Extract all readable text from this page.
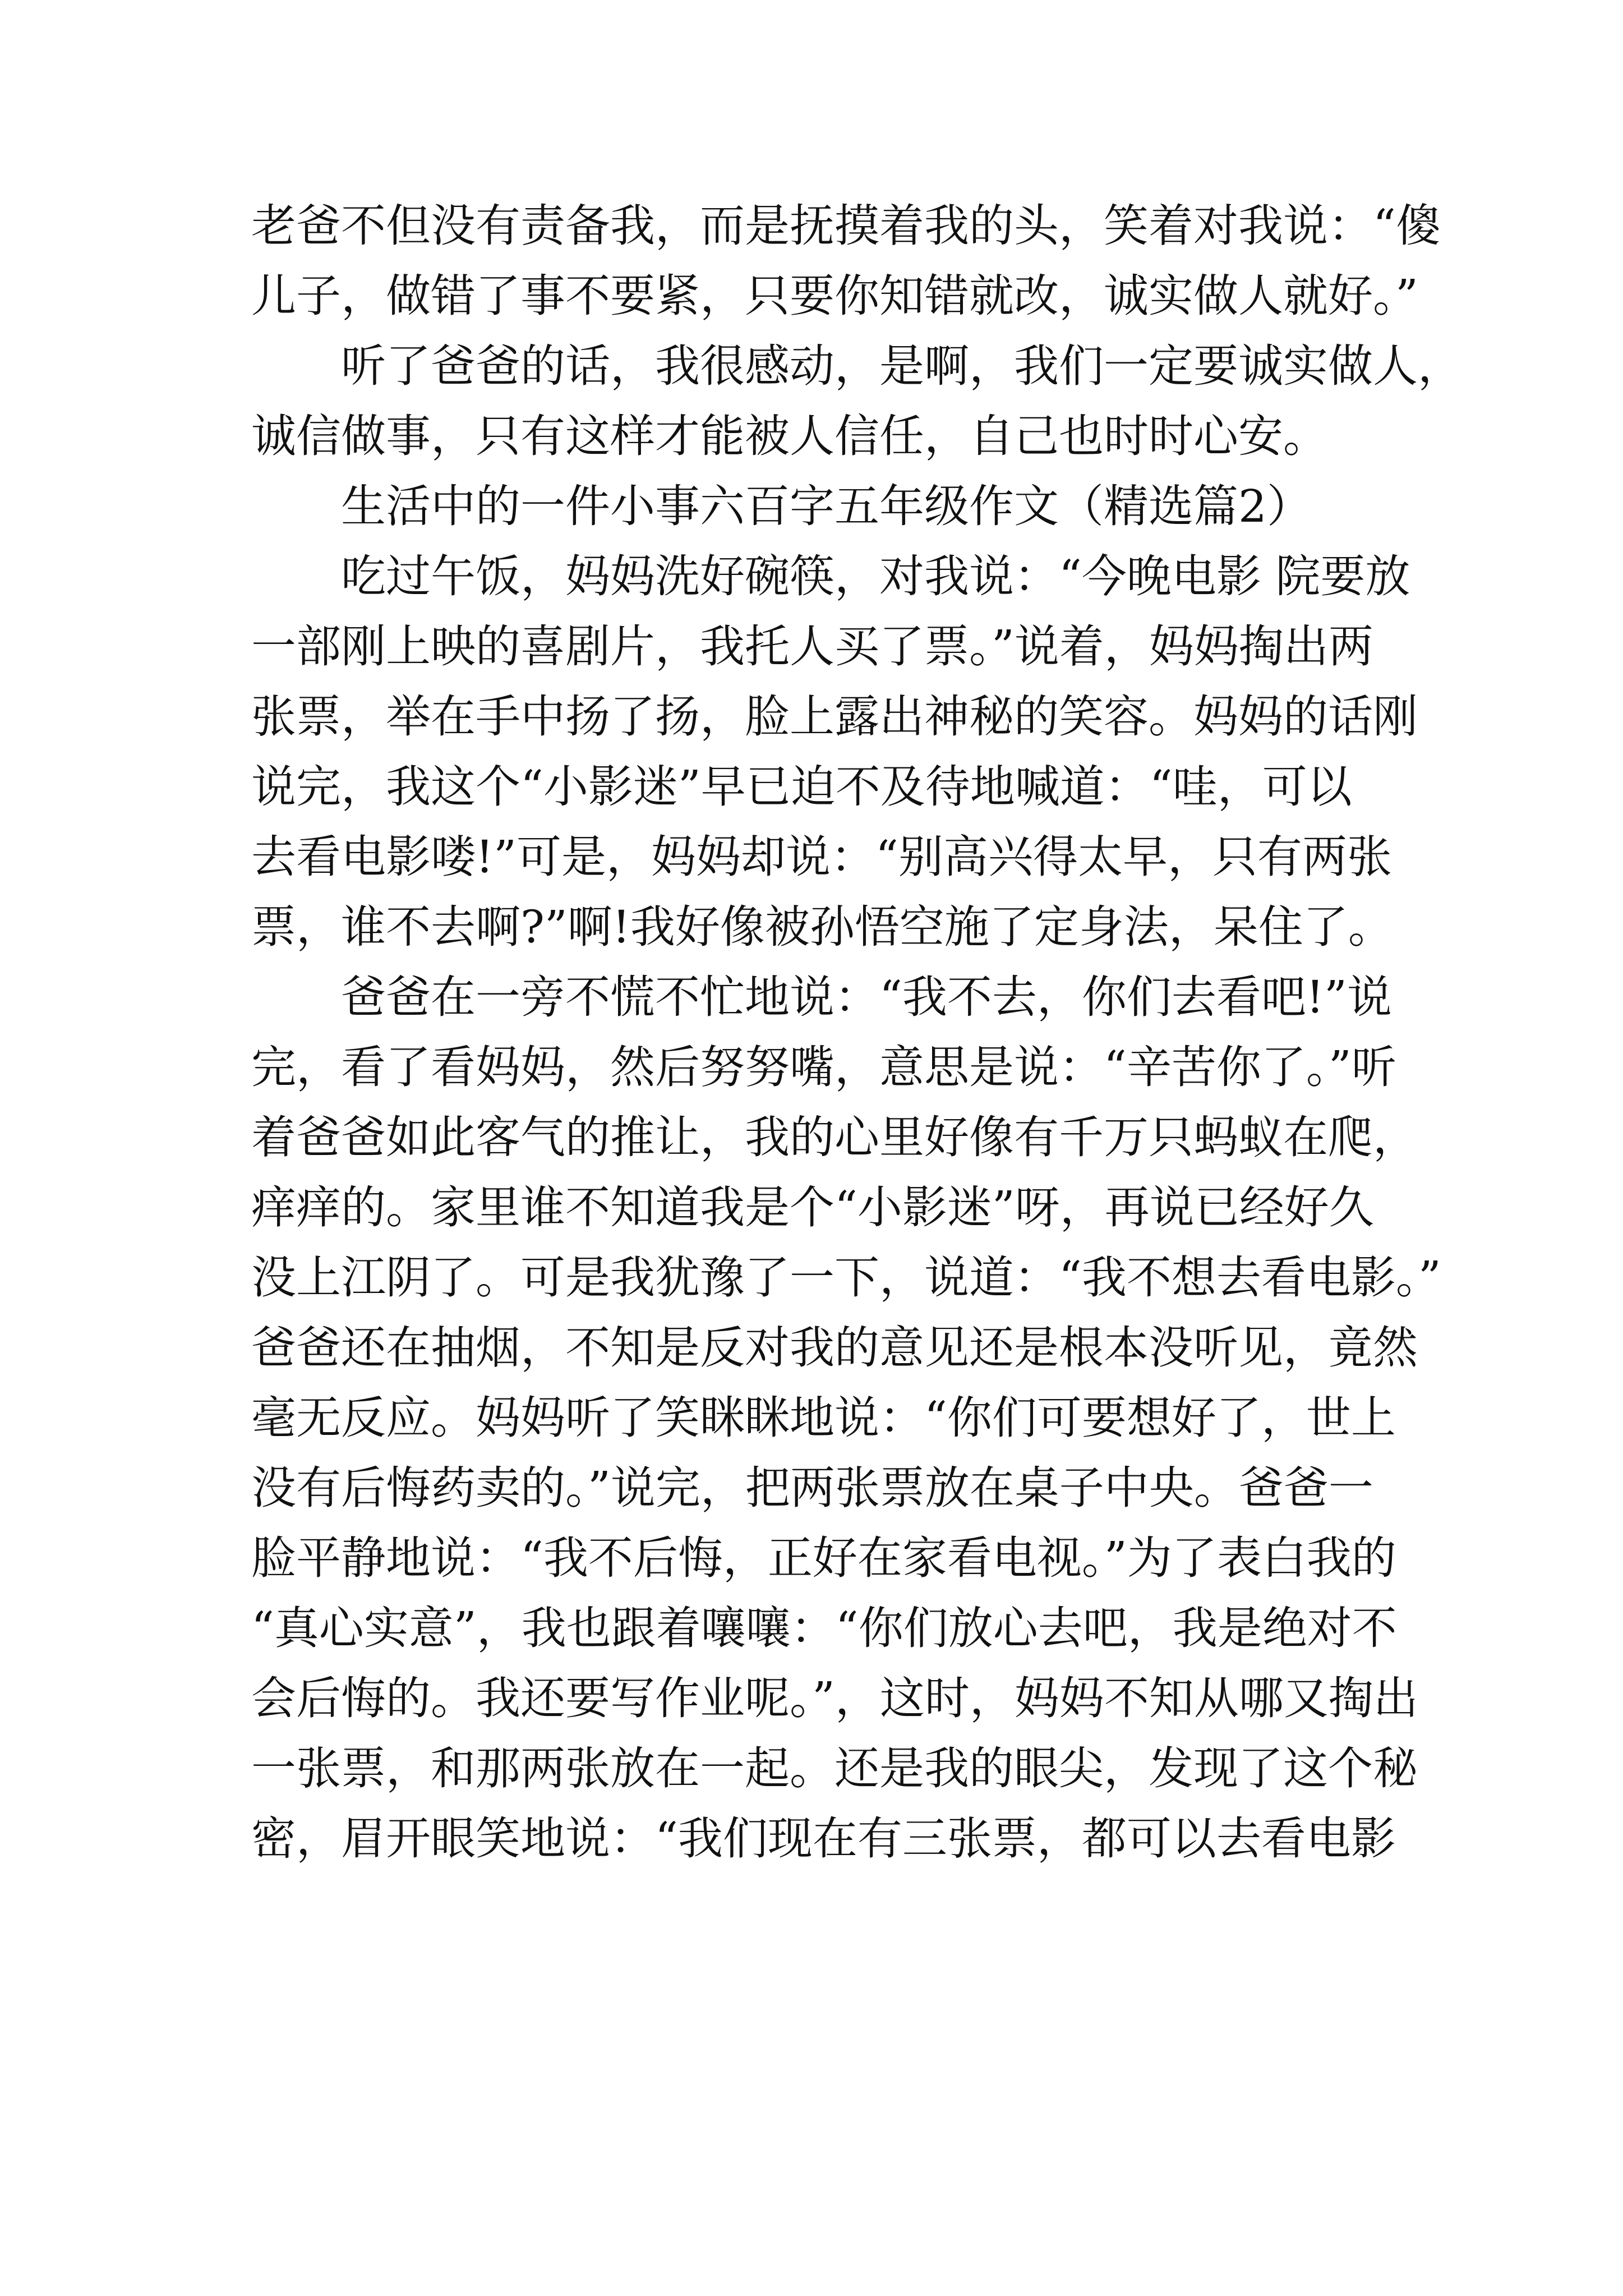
老爸不但没有责备我，而是抚摸着我的头，笑着对我说：“傻
儿子，做错了事不要紧，只要你知错就改，诚实做人就好。”
　　听了爸爸的话，我很感动，是啊，我们一定要诚实做人，
诚信做事，只有这样才能被人信任，自己也时时心安。
　　生活中的一件小事六百字五年级作文（精选篇2）
　　吃过午饭，妈妈洗好碗筷，对我说：“今晚电影 院要放
一部刚上映的喜剧片，我托人买了票。”说着，妈妈掏出两
张票，举在手中扬了扬，脸上露出神秘的笑容。妈妈的话刚
说完，我这个“小影迷”早已迫不及待地喊道：“哇，可以
去看电影喽!”可是，妈妈却说：“别高兴得太早，只有两张
票，谁不去啊?”啊!我好像被孙悟空施了定身法，呆住了。
　　爸爸在一旁不慌不忙地说：“我不去，你们去看吧!”说
完，看了看妈妈，然后努努嘴，意思是说：“辛苦你了。”听
着爸爸如此客气的推让，我的心里好像有千万只蚂蚁在爬，
痒痒的。家里谁不知道我是个“小影迷”呀，再说已经好久
没上江阴了。可是我犹豫了一下，说道：“我不想去看电影。”
爸爸还在抽烟，不知是反对我的意见还是根本没听见，竟然
毫无反应。妈妈听了笑眯眯地说：“你们可要想好了，世上
没有后悔药卖的。”说完，把两张票放在桌子中央。爸爸一
脸平静地说：“我不后悔，正好在家看电视。”为了表白我的
“真心实意”，我也跟着嚷嚷：“你们放心去吧，我是绝对不
会后悔的。我还要写作业呢。”，这时，妈妈不知从哪又掏出
一张票，和那两张放在一起。还是我的眼尖，发现了这个秘
密，眉开眼笑地说：“我们现在有三张票，都可以去看电影
